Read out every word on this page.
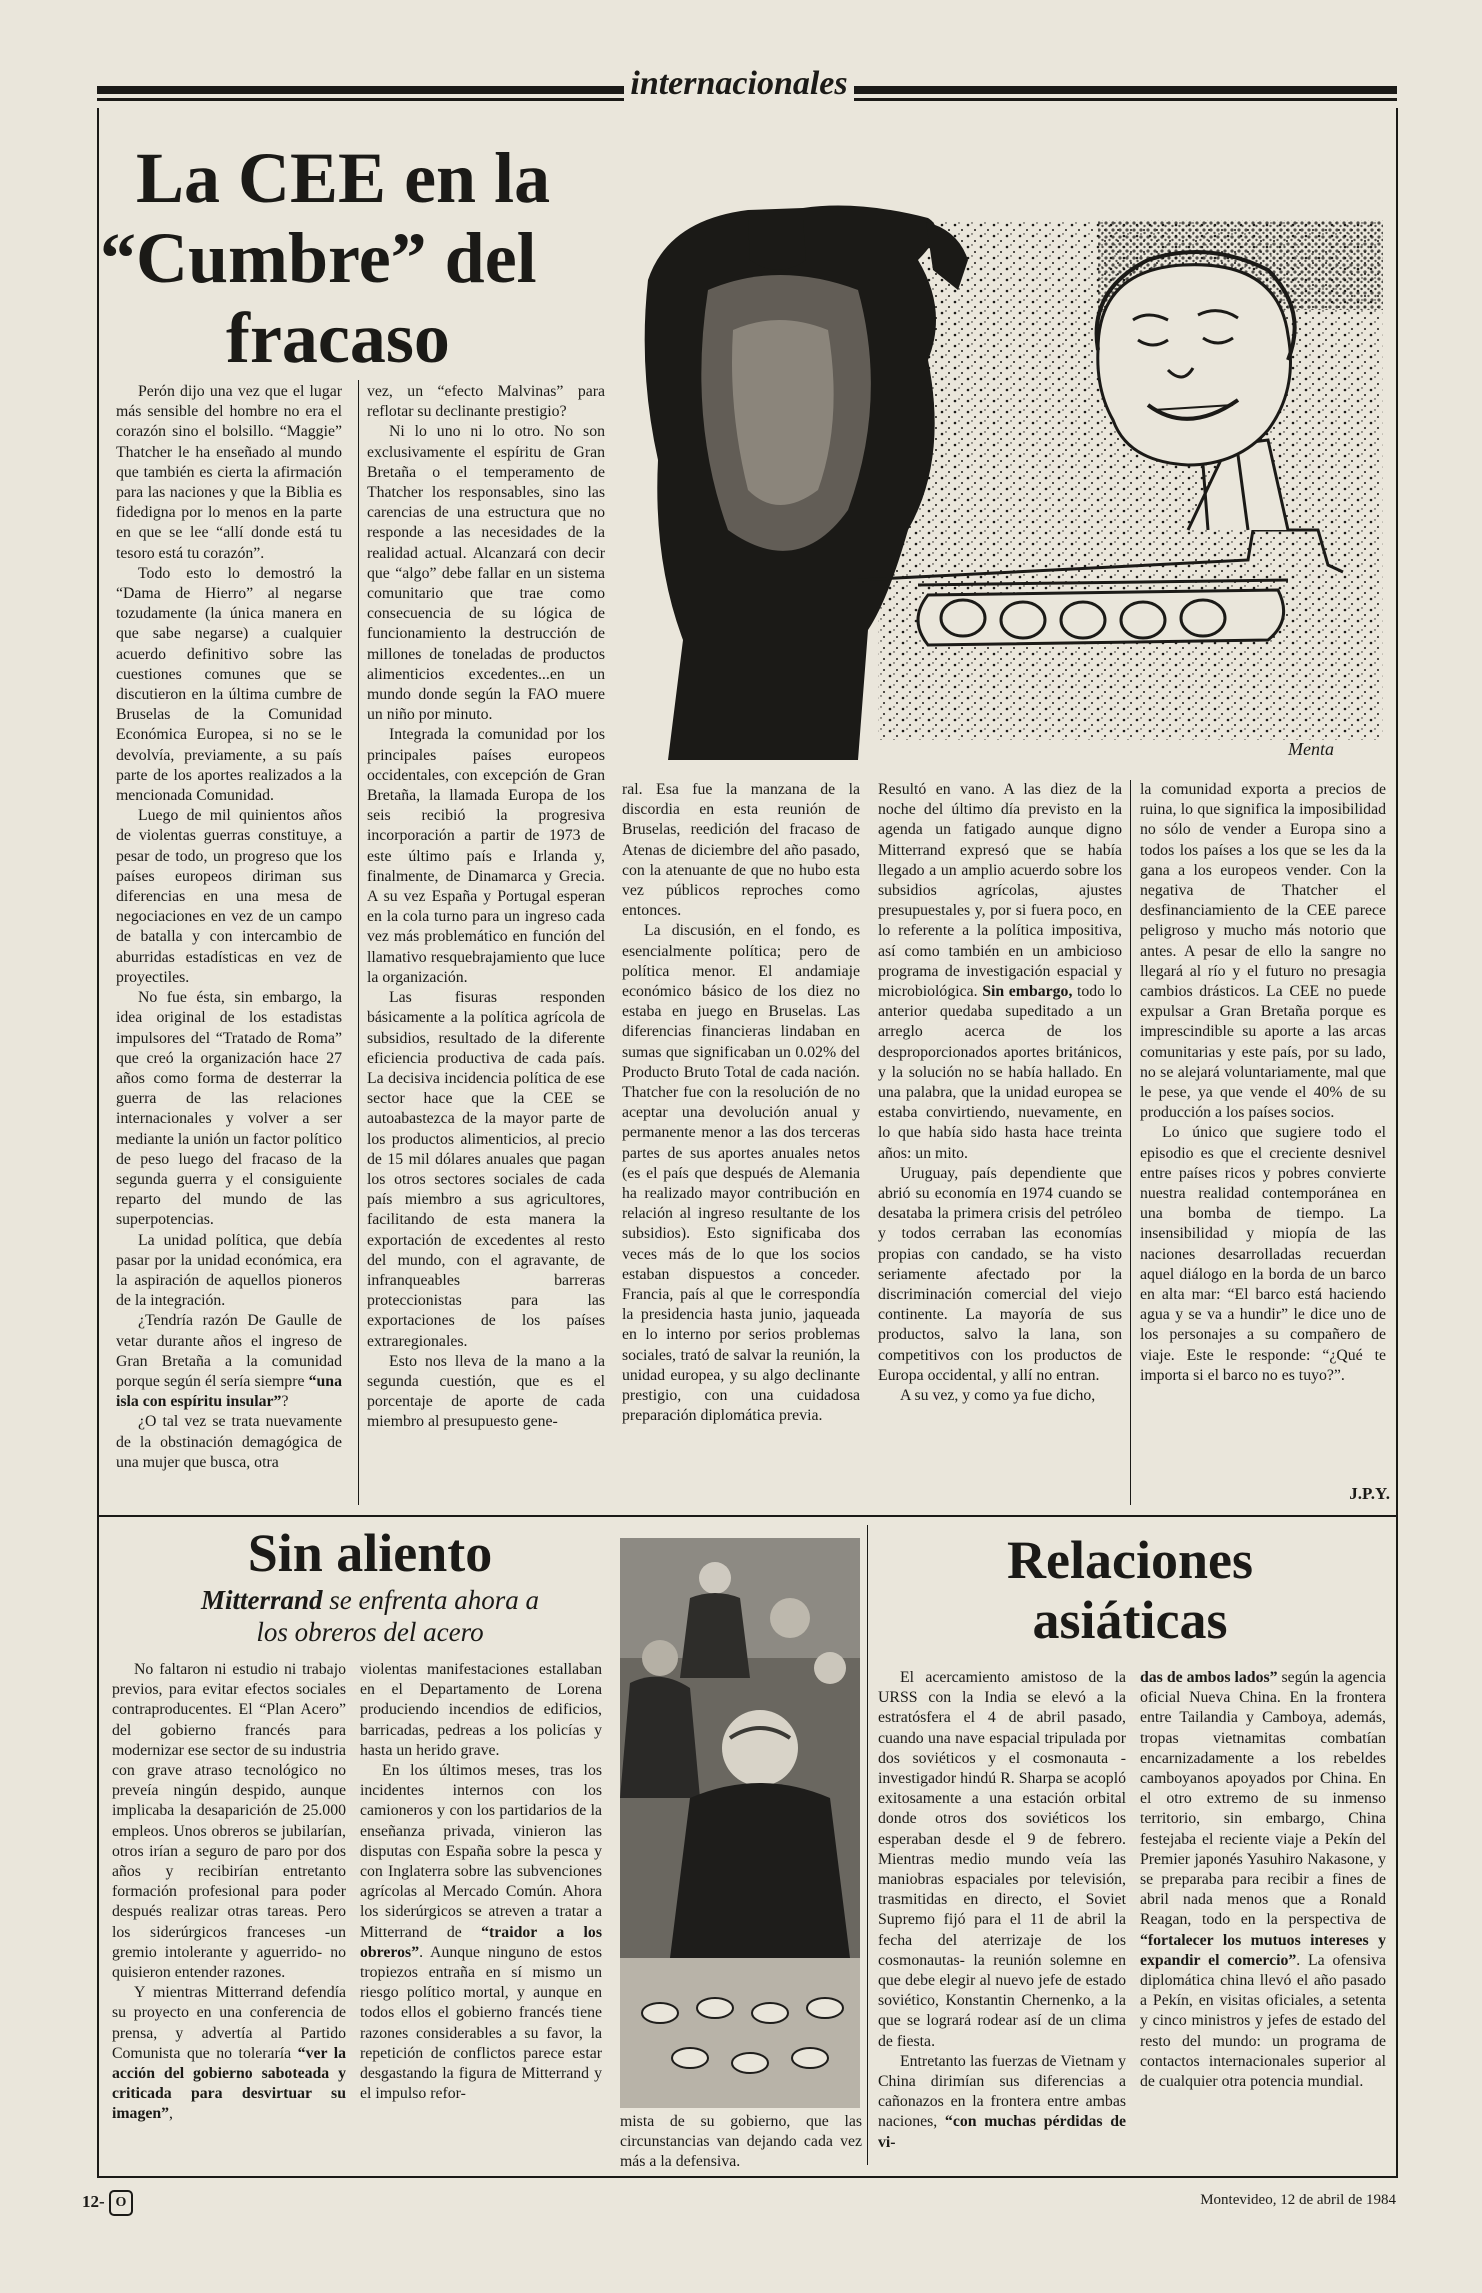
internacionales
La CEE en la
“Cumbre” del
fracaso
Menta

Perón dijo una vez que el lugar más sensible del hombre no era el corazón sino el bolsillo. “Maggie” Thatcher le ha enseñado al mundo que también es cierta la afirmación para las naciones y que la Biblia es fidedigna por lo menos en la parte en que se lee “allí donde está tu tesoro está tu corazón”.

Todo esto lo demostró la “Dama de Hierro” al negarse tozudamente (la única manera en que sabe negarse) a cualquier acuerdo definitivo sobre las cuestiones comunes que se discutieron en la última cumbre de Bruselas de la Comunidad Económica Europea, si no se le devolvía, previamente, a su país parte de los aportes realizados a la mencionada Comunidad.

Luego de mil quinientos años de violentas guerras constituye, a pesar de todo, un progreso que los países europeos diriman sus diferencias en una mesa de negociaciones en vez de un campo de batalla y con intercambio de aburridas estadísticas en vez de proyectiles.

No fue ésta, sin embargo, la idea original de los estadistas impulsores del “Tratado de Roma” que creó la organización hace 27 años como forma de desterrar la guerra de las relaciones internacionales y volver a ser mediante la unión un factor político de peso luego del fracaso de la segunda guerra y el consiguiente reparto del mundo de las superpotencias.

La unidad política, que debía pasar por la unidad económica, era la aspiración de aquellos pioneros de la integración.

¿Tendría razón De Gaulle de vetar durante años el ingreso de Gran Bretaña a la comunidad porque según él sería siempre “una isla con espíritu insular”?

¿O tal vez se trata nuevamente de la obstinación demagógica de una mujer que busca, otra

vez, un “efecto Malvinas” para reflotar su declinante prestigio?

Ni lo uno ni lo otro. No son exclusivamente el espíritu de Gran Bretaña o el temperamento de Thatcher los responsables, sino las carencias de una estructura que no responde a las necesidades de la realidad actual. Alcanzará con decir que “algo” debe fallar en un sistema comunitario que trae como consecuencia de su lógica de funcionamiento la destrucción de millones de toneladas de productos alimenticios excedentes...en un mundo donde según la FAO muere un niño por minuto.

Integrada la comunidad por los principales países europeos occidentales, con excepción de Gran Bretaña, la llamada Europa de los seis recibió la progresiva incorporación a partir de 1973 de este último país e Irlanda y, finalmente, de Dinamarca y Grecia. A su vez España y Portugal esperan en la cola turno para un ingreso cada vez más problemático en función del llamativo resquebrajamiento que luce la organización.

Las fisuras responden básicamente a la política agrícola de subsidios, resultado de la diferente eficiencia productiva de cada país. La decisiva incidencia política de ese sector hace que la CEE se autoabastezca de la mayor parte de los productos alimenticios, al precio de 15 mil dólares anuales que pagan los otros sectores sociales de cada país miembro a sus agricultores, facilitando de esta manera la exportación de excedentes al resto del mundo, con el agravante, de infranqueables barreras proteccionistas para las exportaciones de los países extraregionales.

Esto nos lleva de la mano a la segunda cuestión, que es el porcentaje de aporte de cada miembro al presupuesto gene-

ral. Esa fue la manzana de la discordia en esta reunión de Bruselas, reedición del fracaso de Atenas de diciembre del año pasado, con la atenuante de que no hubo esta vez públicos reproches como entonces.

La discusión, en el fondo, es esencialmente política; pero de política menor. El andamiaje económico básico de los diez no estaba en juego en Bruselas. Las diferencias financieras lindaban en sumas que significaban un 0.02% del Producto Bruto Total de cada nación. Thatcher fue con la resolución de no aceptar una devolución anual y permanente menor a las dos terceras partes de sus aportes anuales netos (es el país que después de Alemania ha realizado mayor contribución en relación al ingreso resultante de los subsidios). Esto significaba dos veces más de lo que los socios estaban dispuestos a conceder. Francia, país al que le correspondía la presidencia hasta junio, jaqueada en lo interno por serios problemas sociales, trató de salvar la reunión, la unidad europea, y su algo declinante prestigio, con una cuidadosa preparación diplomática previa.

Resultó en vano. A las diez de la noche del último día previsto en la agenda un fatigado aunque digno Mitterrand expresó que se había llegado a un amplio acuerdo sobre los subsidios agrícolas, ajustes presupuestales y, por si fuera poco, en lo referente a la política impositiva, así como también en un ambicioso programa de investigación espacial y microbiológica. Sin embargo, todo lo anterior quedaba supeditado a un arreglo acerca de los desproporcionados aportes británicos, y la solución no se había hallado. En una palabra, que la unidad europea se estaba convirtiendo, nuevamente, en lo que había sido hasta hace treinta años: un mito.

Uruguay, país dependiente que abrió su economía en 1974 cuando se desataba la primera crisis del petróleo y todos cerraban las economías propias con candado, se ha visto seriamente afectado por la discriminación comercial del viejo continente. La mayoría de sus productos, salvo la lana, son competitivos con los productos de Europa occidental, y allí no entran.

A su vez, y como ya fue dicho,

la comunidad exporta a precios de ruina, lo que significa la imposibilidad no sólo de vender a Europa sino a todos los países a los que se les da la gana a los europeos vender. Con la negativa de Thatcher el desfinanciamiento de la CEE parece peligroso y mucho más notorio que antes. A pesar de ello la sangre no llegará al río y el futuro no presagia cambios drásticos. La CEE no puede expulsar a Gran Bretaña porque es imprescindible su aporte a las arcas comunitarias y este país, por su lado, no se alejará voluntariamente, mal que le pese, ya que vende el 40% de su producción a los países socios.

Lo único que sugiere todo el episodio es que el creciente desnivel entre países ricos y pobres convierte nuestra realidad contemporánea en una bomba de tiempo. La insensibilidad y miopía de las naciones desarrolladas recuerdan aquel diálogo en la borda de un barco en alta mar: “El barco está haciendo agua y se va a hundir” le dice uno de los personajes a su compañero de viaje. Este le responde: “¿Qué te importa si el barco no es tuyo?”.

J.P.Y.
Sin aliento
Mitterrand se enfrenta ahora a
los obreros del acero

No faltaron ni estudio ni trabajo previos, para evitar efectos sociales contraproducentes. El “Plan Acero” del gobierno francés para modernizar ese sector de su industria con grave atraso tecnológico no preveía ningún despido, aunque implicaba la desaparición de 25.000 empleos. Unos obreros se jubilarían, otros irían a seguro de paro por dos años y recibirían entretanto formación profesional para poder después realizar otras tareas. Pero los siderúrgicos franceses -un gremio intolerante y aguerrido- no quisieron entender razones.

Y mientras Mitterrand defendía su proyecto en una conferencia de prensa, y advertía al Partido Comunista que no toleraría “ver la acción del gobierno saboteada y criticada para desvirtuar su imagen”,

violentas manifestaciones estallaban en el Departamento de Lorena produciendo incendios de edificios, barricadas, pedreas a los policías y hasta un herido grave.

En los últimos meses, tras los incidentes internos con los camioneros y con los partidarios de la enseñanza privada, vinieron las disputas con España sobre la pesca y con Inglaterra sobre las subvenciones agrícolas al Mercado Común. Ahora los siderúrgicos se atreven a tratar a Mitterrand de “traidor a los obreros”. Aunque ninguno de estos tropiezos entraña en sí mismo un riesgo político mortal, y aunque en todos ellos el gobierno francés tiene razones considerables a su favor, la repetición de conflictos parece estar desgastando la figura de Mitterrand y el impulso refor-

mista de su gobierno, que las circunstancias van dejando cada vez más a la defensiva.

Relaciones
asiáticas

El acercamiento amistoso de la URSS con la India se elevó a la estratósfera el 4 de abril pasado, cuando una nave espacial tripulada por dos soviéticos y el cosmonauta -investigador hindú R. Sharpa se acopló exitosamente a una estación orbital donde otros dos soviéticos los esperaban desde el 9 de febrero. Mientras medio mundo veía las maniobras espaciales por televisión, trasmitidas en directo, el Soviet Supremo fijó para el 11 de abril la fecha del aterrizaje de los cosmonautas- la reunión solemne en que debe elegir al nuevo jefe de estado soviético, Konstantin Chernenko, a la que se logrará rodear así de un clima de fiesta.

Entretanto las fuerzas de Vietnam y China dirimían sus diferencias a cañonazos en la frontera entre ambas naciones, “con muchas pérdidas de vi-

das de ambos lados” según la agencia oficial Nueva China. En la frontera entre Tailandia y Camboya, además, tropas vietnamitas combatían encarnizadamente a los rebeldes camboyanos apoyados por China. En el otro extremo de su inmenso territorio, sin embargo, China festejaba el reciente viaje a Pekín del Premier japonés Yasuhiro Nakasone, y se preparaba para recibir a fines de abril nada menos que a Ronald Reagan, todo en la perspectiva de “fortalecer los mutuos intereses y expandir el comercio”. La ofensiva diplomática china llevó el año pasado a Pekín, en visitas oficiales, a setenta y cinco ministros y jefes de estado del resto del mundo: un programa de contactos internacionales superior al de cualquier otra potencia mundial.

12- O	Montevideo, 12 de abril de 1984
